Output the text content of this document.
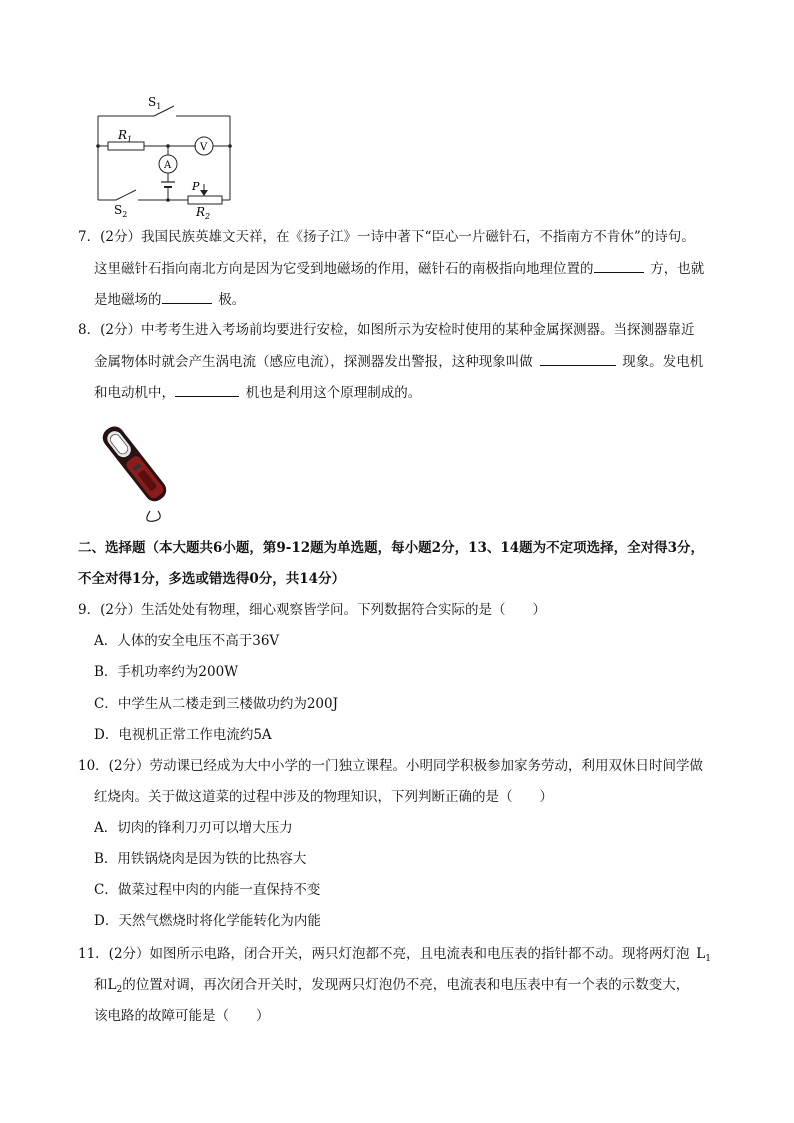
$S_1$
$R_1$
V
A
P
$S_2$	$R_2$
7．(2分）我国民族英雄文天祥，在《扬子江》一诗中著下“臣心一片磁针石，不指南方不肯休”的诗句。
这里磁针石指向南北方向是因为它受到地磁场的作用，磁针石的南极指向地理位置的 	方，也就
是地磁场的 	极。
8．(2分）中考考生进入考场前均要进行安检，如图所示为安检时使用的某种金属探测器。当探测器靠近
金属物体时就会产生涡电流（感应电流），探测器发出警报，这种现象叫做  	现象。发电机
和电动机中， 	机也是利用这个原理制成的。
二、选择题（本大题共6小题，第9-12题为单选题，每小题2分，13、14题为不定项选择，全对得3分，
不全对得1分，多选或错选得0分，共14分）
9．(2分）生活处处有物理，细心观察皆学问。下列数据符合实际的是（　　）
A．人体的安全电压不高于36V
B．手机功率约为200W
C．中学生从二楼走到三楼做功约为200J
D．电视机正常工作电流约5A
10．(2分）劳动课已经成为大中小学的一门独立课程。小明同学积极参加家务劳动，利用双休日时间学做
红烧肉。关于做这道菜的过程中涉及的物理知识，下列判断正确的是（　　）
A．切肉的锋利刀刃可以增大压力
B．用铁锅烧肉是因为铁的比热容大
C．做菜过程中肉的内能一直保持不变
D．天然气燃烧时将化学能转化为内能
11．(2分）如图所示电路，闭合开关，两只灯泡都不亮，且电流表和电压表的指针都不动。现将两灯泡  $L_1$
和$L_2$的位置对调，再次闭合开关时，发现两只灯泡仍不亮，电流表和电压表中有一个表的示数变大，
该电路的故障可能是（　　）
